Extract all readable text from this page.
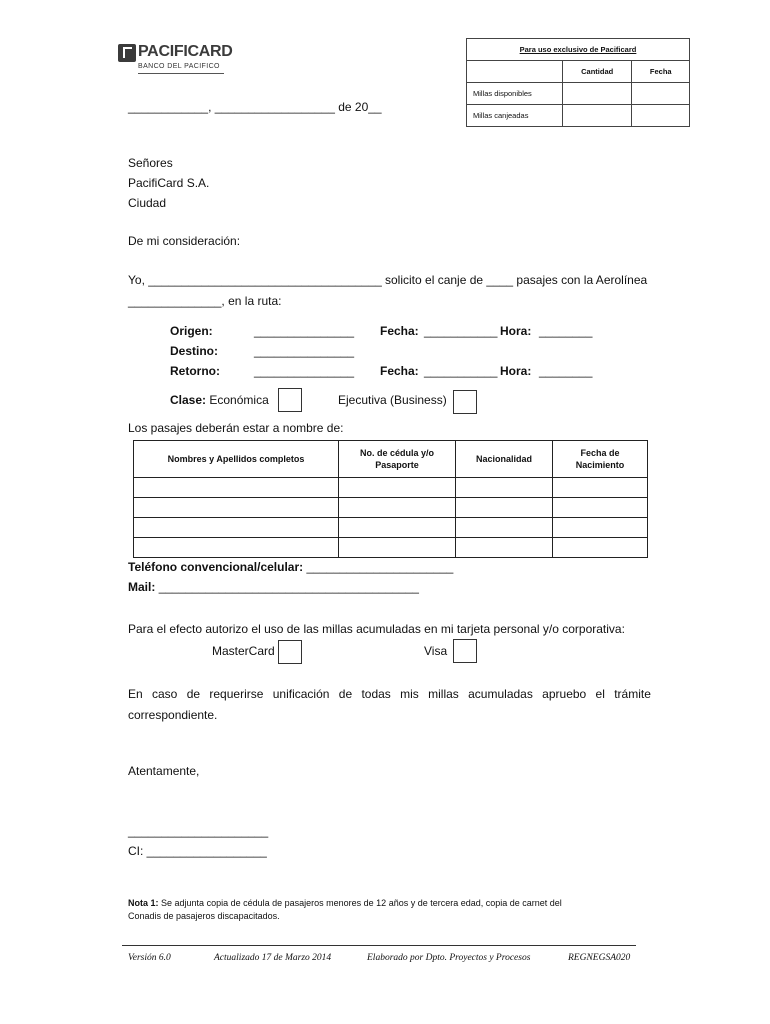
PACIFICARD
BANCO DEL PACIFICO
Para uso exclusivo de Pacificard		
	Cantidad	Fecha
Millas disponibles		
Millas canjeadas		
____________, __________________ de 20__
Señores
PacifiCard S.A.
Ciudad
De mi consideración:
Yo, ___________________________________ solicito el canje de ____ pasajes con la Aerolínea
______________, en la ruta:
Origen:	_______________ Fecha: ___________ Hora: ________
Destino:	_______________
Retorno:	_______________ Fecha: ___________ Hora: ________
Clase: Económica	Ejecutiva (Business)
Los pasajes deberán estar a nombre de:
Nombres y Apellidos completos	No. de cédula y/o Pasaporte	Nacionalidad	Fecha de Nacimiento

Teléfono convencional/celular: ______________________
Mail: _______________________________________
Para el efecto autorizo el uso de las millas acumuladas en mi tarjeta personal y/o corporativa:
MasterCard	Visa
En caso de requerirse unificación de todas mis millas acumuladas apruebo el trámite
correspondiente.
Atentamente,
_____________________
CI: __________________
Nota 1: Se adjunta copia de cédula de pasajeros menores de 12 años y de tercera edad, copia de carnet del
Conadis de pasajeros discapacitados.
Versión 6.0	Actualizado 17 de Marzo 2014	Elaborado por Dpto. Proyectos y Procesos	REGNEGSA020
